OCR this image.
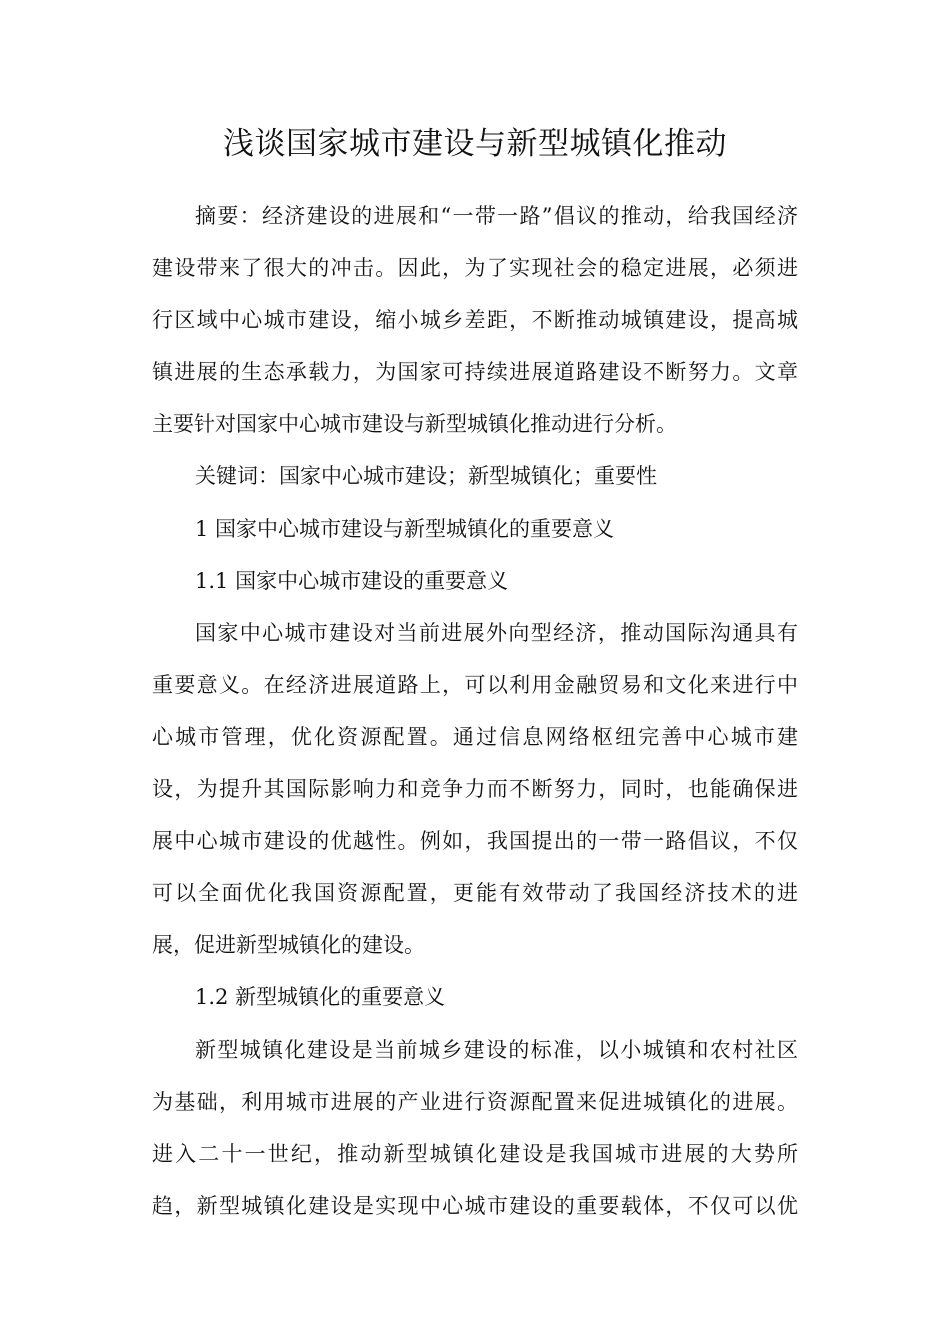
浅谈国家城市建设与新型城镇化推动
摘要：经济建设的进展和“一带一路”倡议的推动，给我国经济
建设带来了很大的冲击。因此，为了实现社会的稳定进展，必须进
行区域中心城市建设，缩小城乡差距，不断推动城镇建设，提高城
镇进展的生态承载力，为国家可持续进展道路建设不断努力。文章
主要针对国家中心城市建设与新型城镇化推动进行分析。
关键词：国家中心城市建设；新型城镇化；重要性
1 国家中心城市建设与新型城镇化的重要意义
1.1 国家中心城市建设的重要意义
国家中心城市建设对当前进展外向型经济，推动国际沟通具有
重要意义。在经济进展道路上，可以利用金融贸易和文化来进行中
心城市管理，优化资源配置。通过信息网络枢纽完善中心城市建
设，为提升其国际影响力和竞争力而不断努力，同时，也能确保进
展中心城市建设的优越性。例如，我国提出的一带一路倡议，不仅
可以全面优化我国资源配置，更能有效带动了我国经济技术的进
展，促进新型城镇化的建设。
1.2 新型城镇化的重要意义
新型城镇化建设是当前城乡建设的标准，以小城镇和农村社区
为基础，利用城市进展的产业进行资源配置来促进城镇化的进展。
进入二十一世纪，推动新型城镇化建设是我国城市进展的大势所
趋，新型城镇化建设是实现中心城市建设的重要载体，不仅可以优
